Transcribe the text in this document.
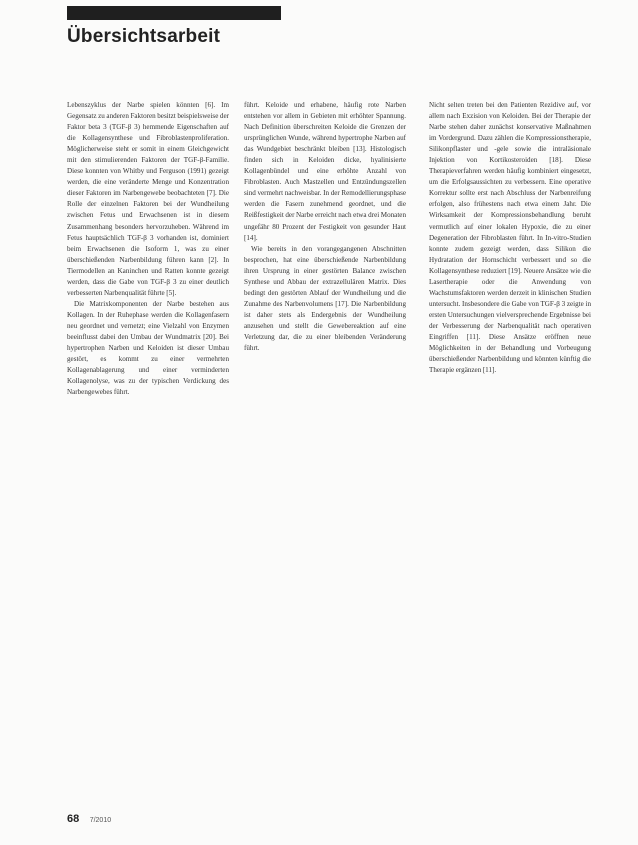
Übersichtsarbeit

Lebenszyklus der Narbe spielen könnten [6]. Im Gegensatz zu anderen Faktoren besitzt beispielsweise der Faktor beta 3 (TGF-β 3) hemmende Eigenschaften auf die Kollagensynthese und Fibroblastenproliferation. Möglicherweise steht er somit in einem Gleichgewicht mit den stimulierenden Faktoren der TGF-β-Familie. Diese konnten von Whitby und Ferguson (1991) gezeigt werden, die eine veränderte Menge und Konzentration dieser Faktoren im Narbengewebe beobachteten [7]. Die Rolle der einzelnen Faktoren bei der Wundheilung zwischen Fetus und Erwachsenen ist in diesem Zusammenhang besonders hervorzuheben. Während im Fetus hauptsächlich TGF-β 3 vorhanden ist, dominiert beim Erwachsenen die Isoform 1, was zu einer überschießenden Narbenbildung führen kann [2]. In Tiermodellen an Kaninchen und Ratten konnte gezeigt werden, dass die Gabe von TGF-β 3 zu einer deutlich verbesserten Narbenqualität führte [5].

Die Matrixkomponenten der Narbe bestehen aus Kollagen. In der Ruhephase werden die Kollagenfasern neu geordnet und vernetzt; eine Vielzahl von Enzymen beeinflusst dabei den Umbau der Wundmatrix [20]. Bei hypertrophen Narben und Keloiden ist dieser Umbau gestört, es kommt zu einer vermehrten Kollagenablagerung und einer verminderten Kollagenolyse, was zu der typischen Verdickung des Narbengewebes führt.

führt. Keloide und erhabene, häufig rote Narben entstehen vor allem in Gebieten mit erhöhter Spannung. Nach Definition überschreiten Keloide die Grenzen der ursprünglichen Wunde, während hypertrophe Narben auf das Wundgebiet beschränkt bleiben [13]. Histologisch finden sich in Keloiden dicke, hyalinisierte Kollagenbündel und eine erhöhte Anzahl von Fibroblasten. Auch Mastzellen und Entzündungszellen sind vermehrt nachweisbar. In der Remodellierungsphase werden die Fasern zunehmend geordnet, und die Reißfestigkeit der Narbe erreicht nach etwa drei Monaten ungefähr 80 Prozent der Festigkeit von gesunder Haut [14].

Wie bereits in den vorangegangenen Abschnitten besprochen, hat eine überschießende Narbenbildung ihren Ursprung in einer gestörten Balance zwischen Synthese und Abbau der extrazellulären Matrix. Dies bedingt den gestörten Ablauf der Wundheilung und die Zunahme des Narbenvolumens [17]. Die Narbenbildung ist daher stets als Endergebnis der Wundheilung anzusehen und stellt die Gewebereaktion auf eine Verletzung dar, die zu einer bleibenden Veränderung führt.

Nicht selten treten bei den Patienten Rezidive auf, vor allem nach Exzision von Keloiden. Bei der Therapie der Narbe stehen daher zunächst konservative Maßnahmen im Vordergrund. Dazu zählen die Kompressionstherapie, Silikonpflaster und -gele sowie die intraläsionale Injektion von Kortikosteroiden [18]. Diese Therapieverfahren werden häufig kombiniert eingesetzt, um die Erfolgsaussichten zu verbessern. Eine operative Korrektur sollte erst nach Abschluss der Narbenreifung erfolgen, also frühestens nach etwa einem Jahr. Die Wirksamkeit der Kompressionsbehandlung beruht vermutlich auf einer lokalen Hypoxie, die zu einer Degeneration der Fibroblasten führt. In In-vitro-Studien konnte zudem gezeigt werden, dass Silikon die Hydratation der Hornschicht verbessert und so die Kollagensynthese reduziert [19]. Neuere Ansätze wie die Lasertherapie oder die Anwendung von Wachstumsfaktoren werden derzeit in klinischen Studien untersucht. Insbesondere die Gabe von TGF-β 3 zeigte in ersten Untersuchungen vielversprechende Ergebnisse bei der Verbesserung der Narbenqualität nach operativen Eingriffen [11]. Diese Ansätze eröffnen neue Möglichkeiten in der Behandlung und Vorbeugung überschießender Narbenbildung und könnten künftig die Therapie ergänzen [11].

68 7/2010
